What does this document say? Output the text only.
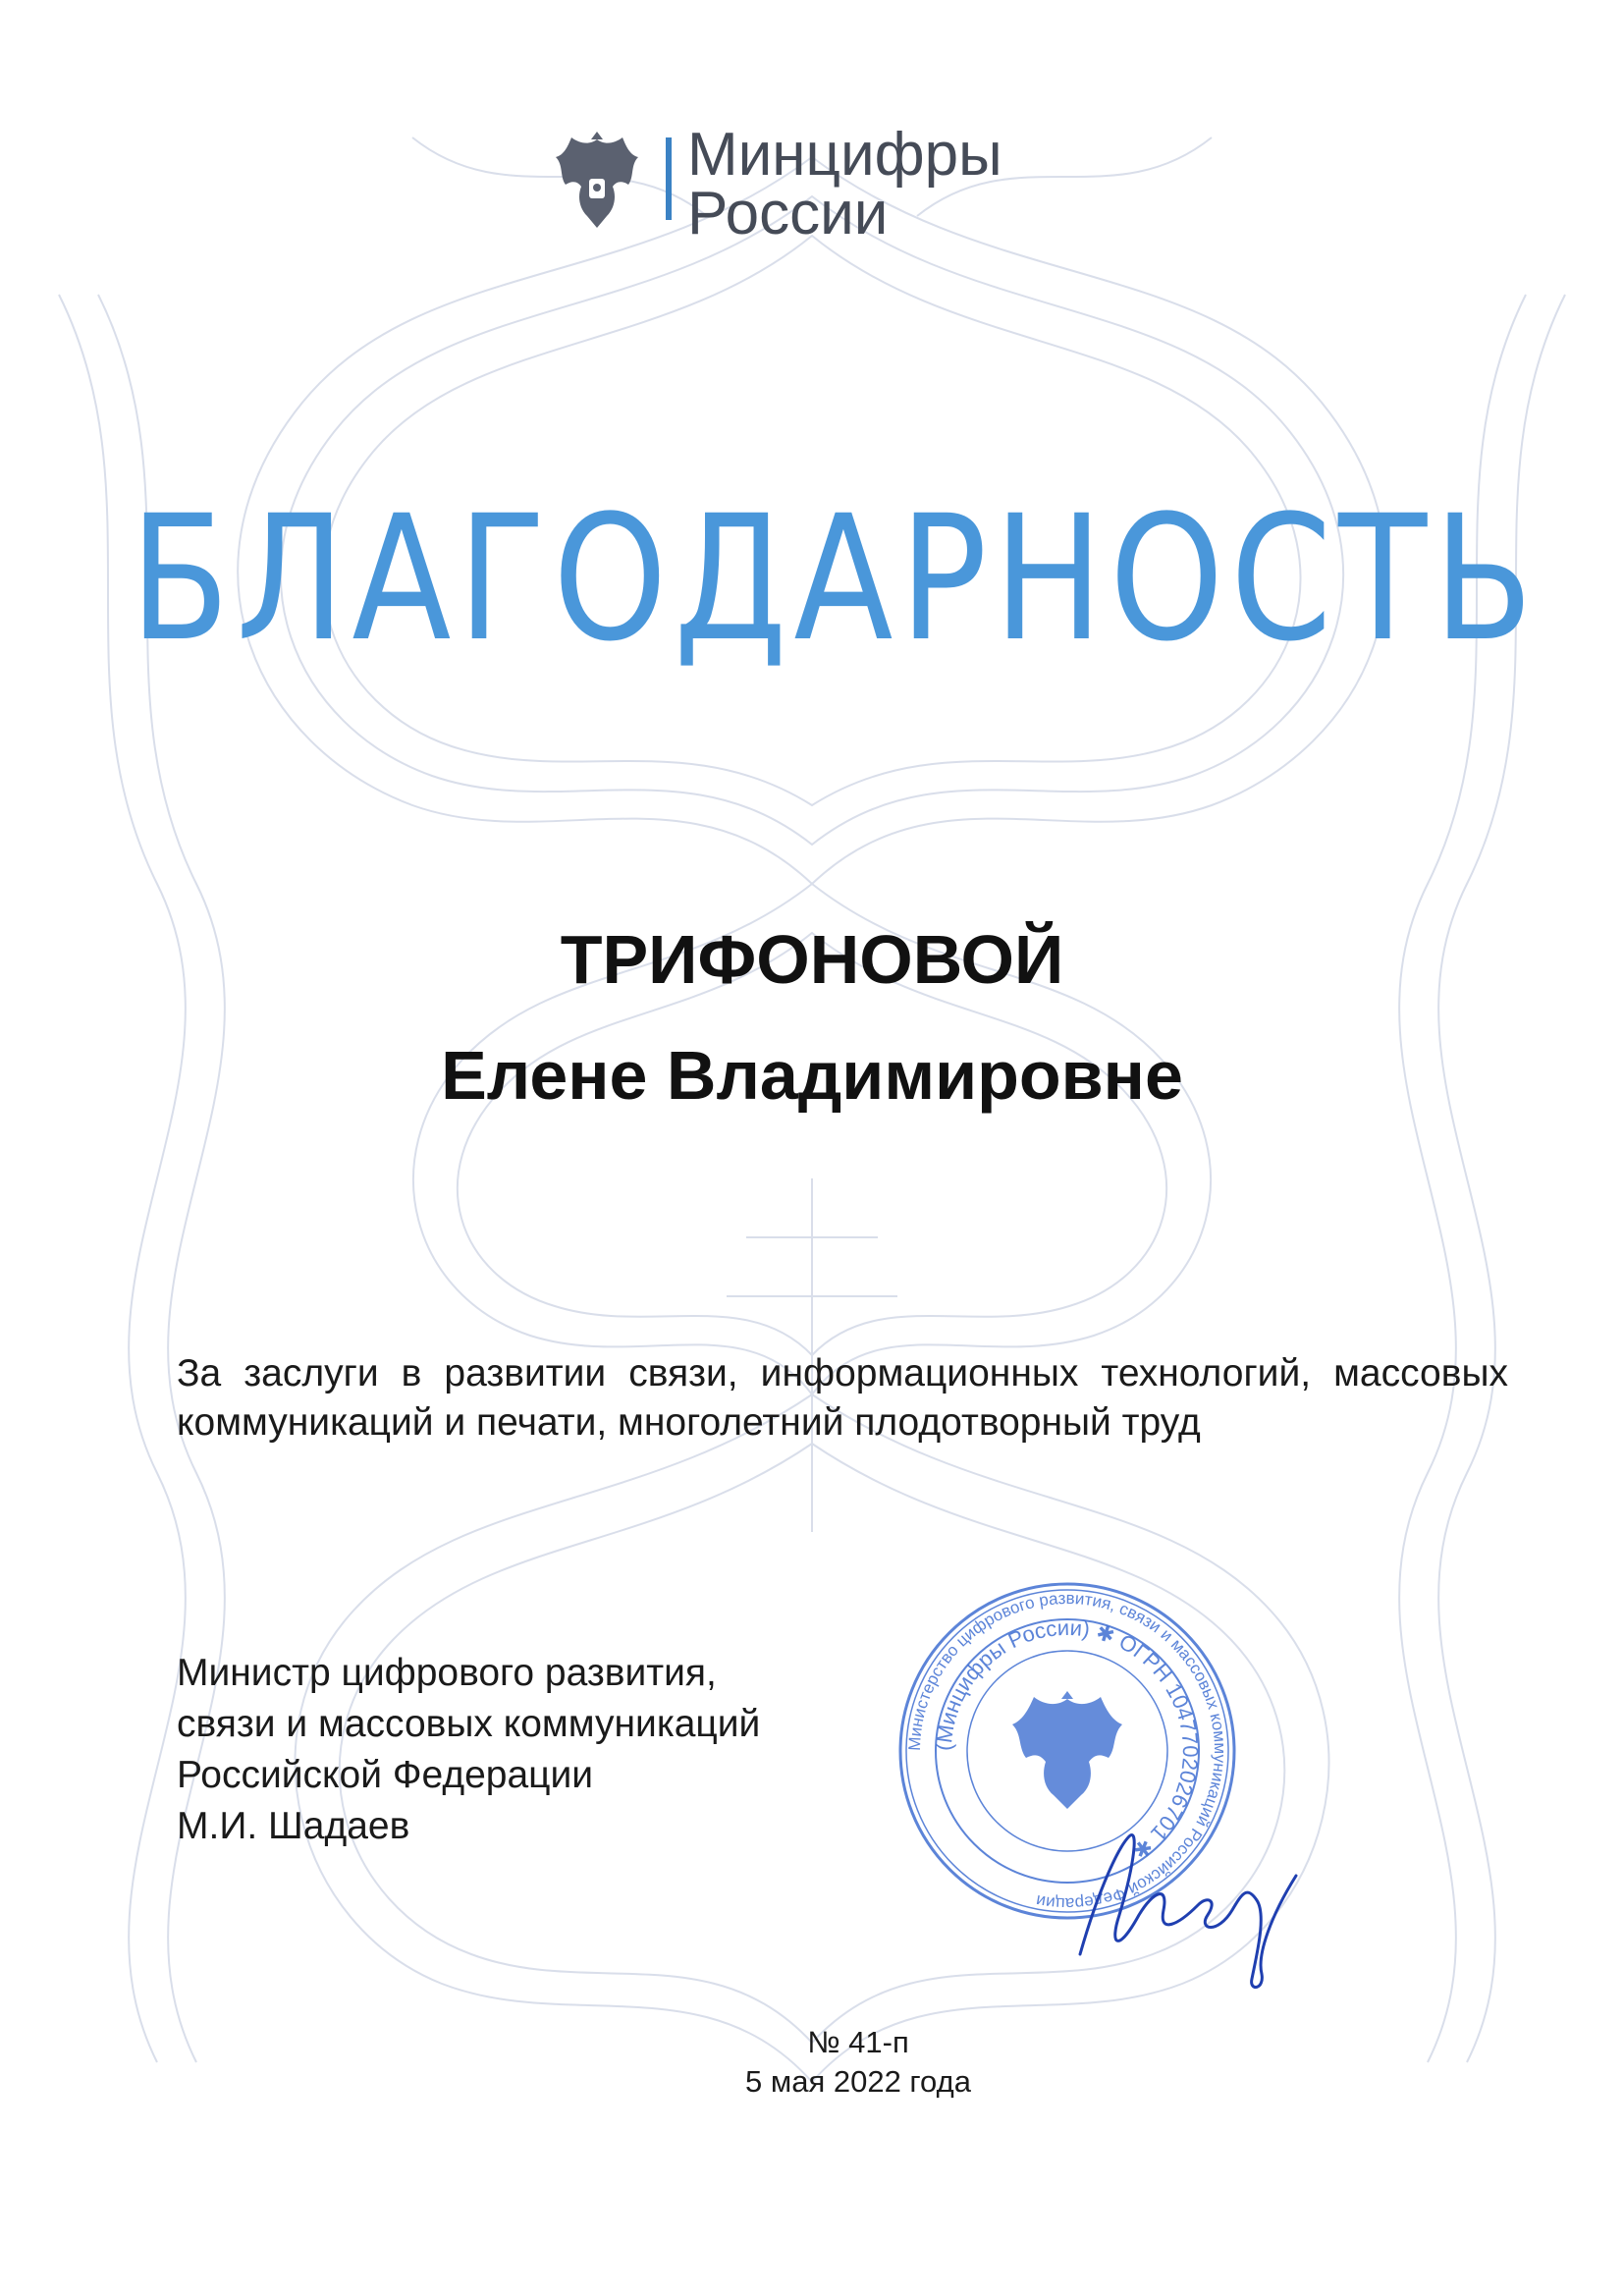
Минцифры
России
БЛАГОДАРНОСТЬ
ТРИФОНОВОЙ
Елене Владимировне
За заслуги в развитии связи, информационных технологий, массовых коммуникаций и печати, многолетний плодотворный труд
Министр цифрового развития,
связи и массовых коммуникаций
Российской Федерации
М.И. Шадаев
Министерство цифрового развития, связи и массовых коммуникаций Российской Федерации
(Минцифры России) ✱ ОГРН 1047702026701 ✱
№ 41-п
5 мая 2022 года
